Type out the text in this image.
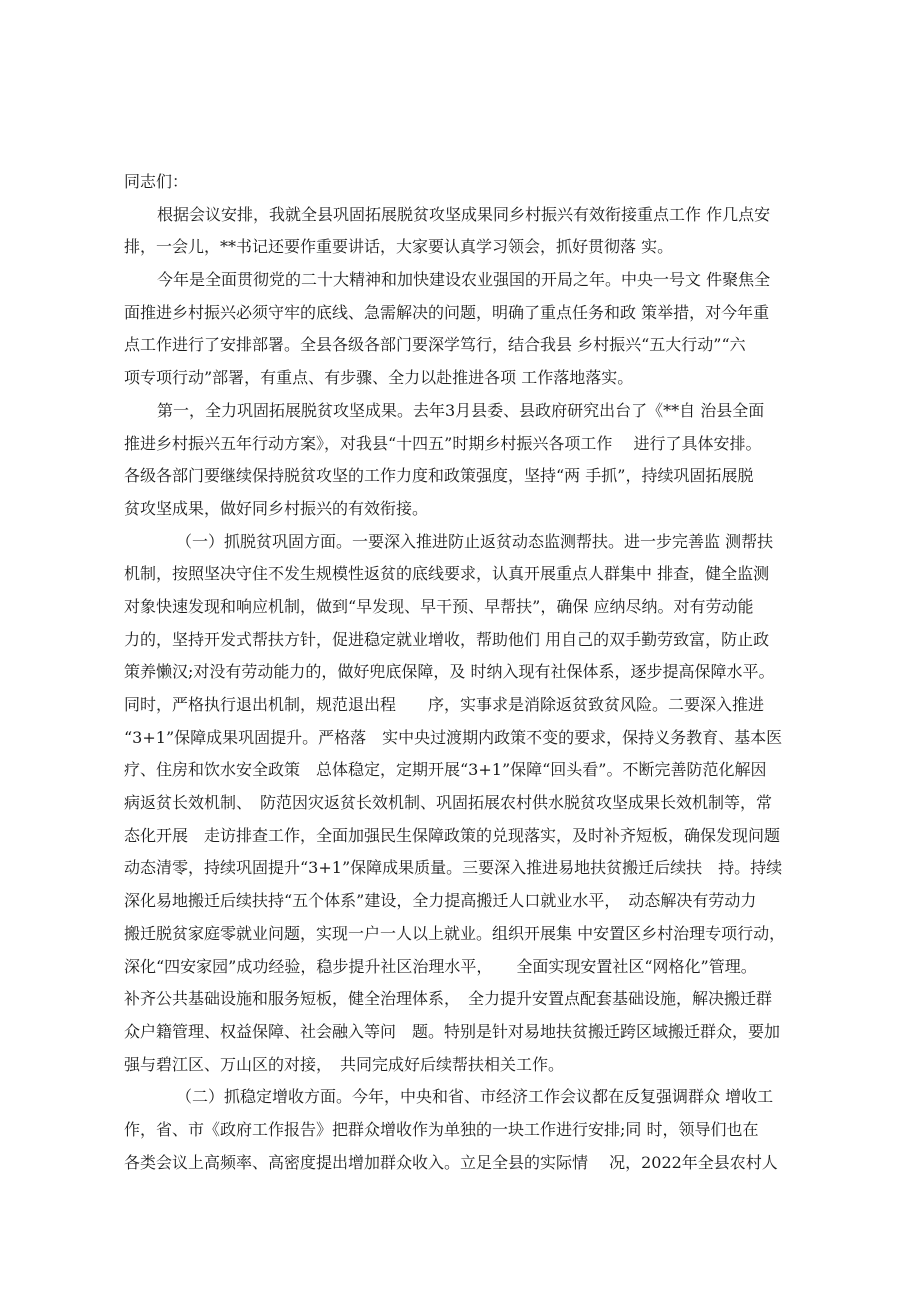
同志们：
根据会议安排，我就全县巩固拓展脱贫攻坚成果同乡村振兴有效衔接重点工作 作几点安
排，一会儿，**书记还要作重要讲话，大家要认真学习领会，抓好贯彻落 实。
今年是全面贯彻党的二十大精神和加快建设农业强国的开局之年。中央一号文 件聚焦全
面推进乡村振兴必须守牢的底线、急需解决的问题，明确了重点任务和政 策举措，对今年重
点工作进行了安排部署。全县各级各部门要深学笃行，结合我县 乡村振兴“五大行动”“六
项专项行动”部署，有重点、有步骤、全力以赴推进各项 工作落地落实。
第一，全力巩固拓展脱贫攻坚成果。去年3月县委、县政府研究出台了《**自 治县全面
推进乡村振兴五年行动方案》，对我县“十四五”时期乡村振兴各项工作　 进行了具体安排。
各级各部门要继续保持脱贫攻坚的工作力度和政策强度，坚持“两 手抓”，持续巩固拓展脱
贫攻坚成果，做好同乡村振兴的有效衔接。
（一）抓脱贫巩固方面。一要深入推进防止返贫动态监测帮扶。进一步完善监 测帮扶
机制，按照坚决守住不发生规模性返贫的底线要求，认真开展重点人群集中 排查，健全监测
对象快速发现和响应机制，做到“早发现、早干预、早帮扶”，确保 应纳尽纳。对有劳动能
力的，坚持开发式帮扶方针，促进稳定就业增收，帮助他们 用自己的双手勤劳致富，防止政
策养懒汉;对没有劳动能力的，做好兜底保障，及 时纳入现有社保体系，逐步提高保障水平。
同时，严格执行退出机制，规范退出程　　序，实事求是消除返贫致贫风险。二要深入推进
“3+1”保障成果巩固提升。严格落　实中央过渡期内政策不变的要求，保持义务教育、基本医
疗、住房和饮水安全政策　总体稳定，定期开展“3+1”保障“回头看”。不断完善防范化解因
病返贫长效机制、　防范因灾返贫长效机制、巩固拓展农村供水脱贫攻坚成果长效机制等，常
态化开展　走访排查工作，全面加强民生保障政策的兑现落实，及时补齐短板，确保发现问题
动态清零，持续巩固提升“3+1”保障成果质量。三要深入推进易地扶贫搬迁后续扶　持。持续
深化易地搬迁后续扶持“五个体系”建设，全力提高搬迁人口就业水平，　动态解决有劳动力
搬迁脱贫家庭零就业问题，实现一户一人以上就业。组织开展集 中安置区乡村治理专项行动，
深化“四安家园”成功经验，稳步提升社区治理水平，　　全面实现安置社区“网格化”管理。
补齐公共基础设施和服务短板，健全治理体系，　全力提升安置点配套基础设施，解决搬迁群
众户籍管理、权益保障、社会融入等问　题。特别是针对易地扶贫搬迁跨区域搬迁群众，要加
强与碧江区、万山区的对接，　共同完成好后续帮扶相关工作。
（二）抓稳定增收方面。今年，中央和省、市经济工作会议都在反复强调群众 增收工
作，省、市《政府工作报告》把群众增收作为单独的一块工作进行安排;同 时，领导们也在
各类会议上高频率、高密度提出增加群众收入。立足全县的实际情　 况，2022年全县农村人
